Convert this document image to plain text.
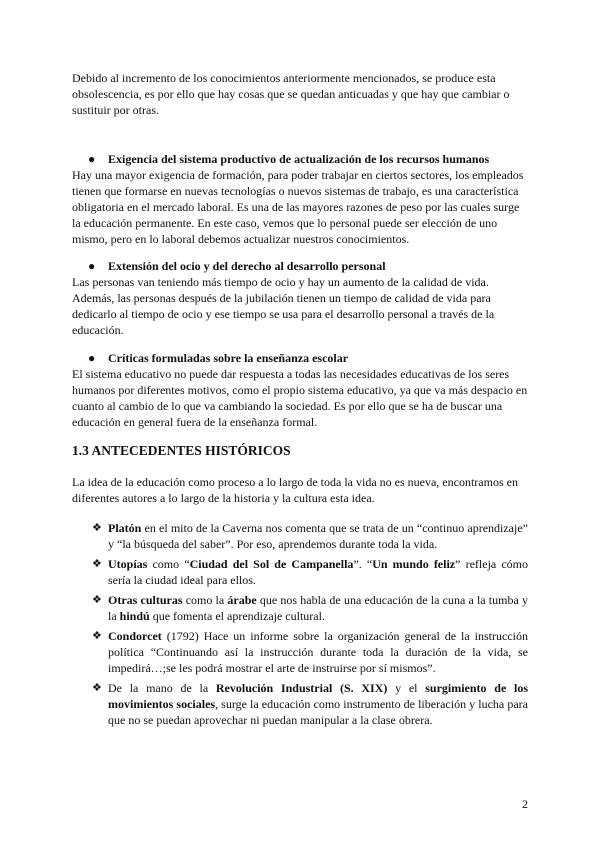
Debido al incremento de los conocimientos anteriormente mencionados, se produce esta obsolescencia, es por ello que hay cosas que se quedan anticuadas y que hay que cambiar o sustituir por otras.

● Exigencia del sistema productivo de actualización de los recursos humanos

Hay una mayor exigencia de formación, para poder trabajar en ciertos sectores, los empleados tienen que formarse en nuevas tecnologías o nuevos sistemas de trabajo, es una característica obligatoria en el mercado laboral. Es una de las mayores razones de peso por las cuales surge la educación permanente. En este caso, vemos que lo personal puede ser elección de uno mismo, pero en lo laboral debemos actualizar nuestros conocimientos.

● Extensión del ocio y del derecho al desarrollo personal

Las personas van teniendo más tiempo de ocio y hay un aumento de la calidad de vida. Además, las personas después de la jubilación tienen un tiempo de calidad de vida para dedicarlo al tiempo de ocio y ese tiempo se usa para el desarrollo personal a través de la educación.

● Críticas formuladas sobre la enseñanza escolar

El sistema educativo no puede dar respuesta a todas las necesidades educativas de los seres humanos por diferentes motivos, como el propio sistema educativo, ya que va más despacio en cuanto al cambio de lo que va cambiando la sociedad. Es por ello que se ha de buscar una educación en general fuera de la enseñanza formal.

1.3 ANTECEDENTES HISTÓRICOS

La idea de la educación como proceso a lo largo de toda la vida no es nueva, encontramos en diferentes autores a lo largo de la historia y la cultura esta idea.

❖ Platón en el mito de la Caverna nos comenta que se trata de un “continuo aprendizaje” y “la búsqueda del saber”. Por eso, aprendemos durante toda la vida.
❖ Utopías como “Ciudad del Sol de Campanella”. “Un mundo feliz” refleja cómo sería la ciudad ideal para ellos.
❖ Otras culturas como la árabe que nos habla de una educación de la cuna a la tumba y la hindú que fomenta el aprendizaje cultural.
❖ Condorcet (1792) Hace un informe sobre la organización general de la instrucción política “Continuando así la instrucción durante toda la duración de la vida, se impedirá…;se les podrá mostrar el arte de instruirse por sí mismos”.
❖ De la mano de la Revolución Industrial (S. XIX) y el surgimiento de los movimientos sociales, surge la educación como instrumento de liberación y lucha para que no se puedan aprovechar ni puedan manipular a la clase obrera.
2
